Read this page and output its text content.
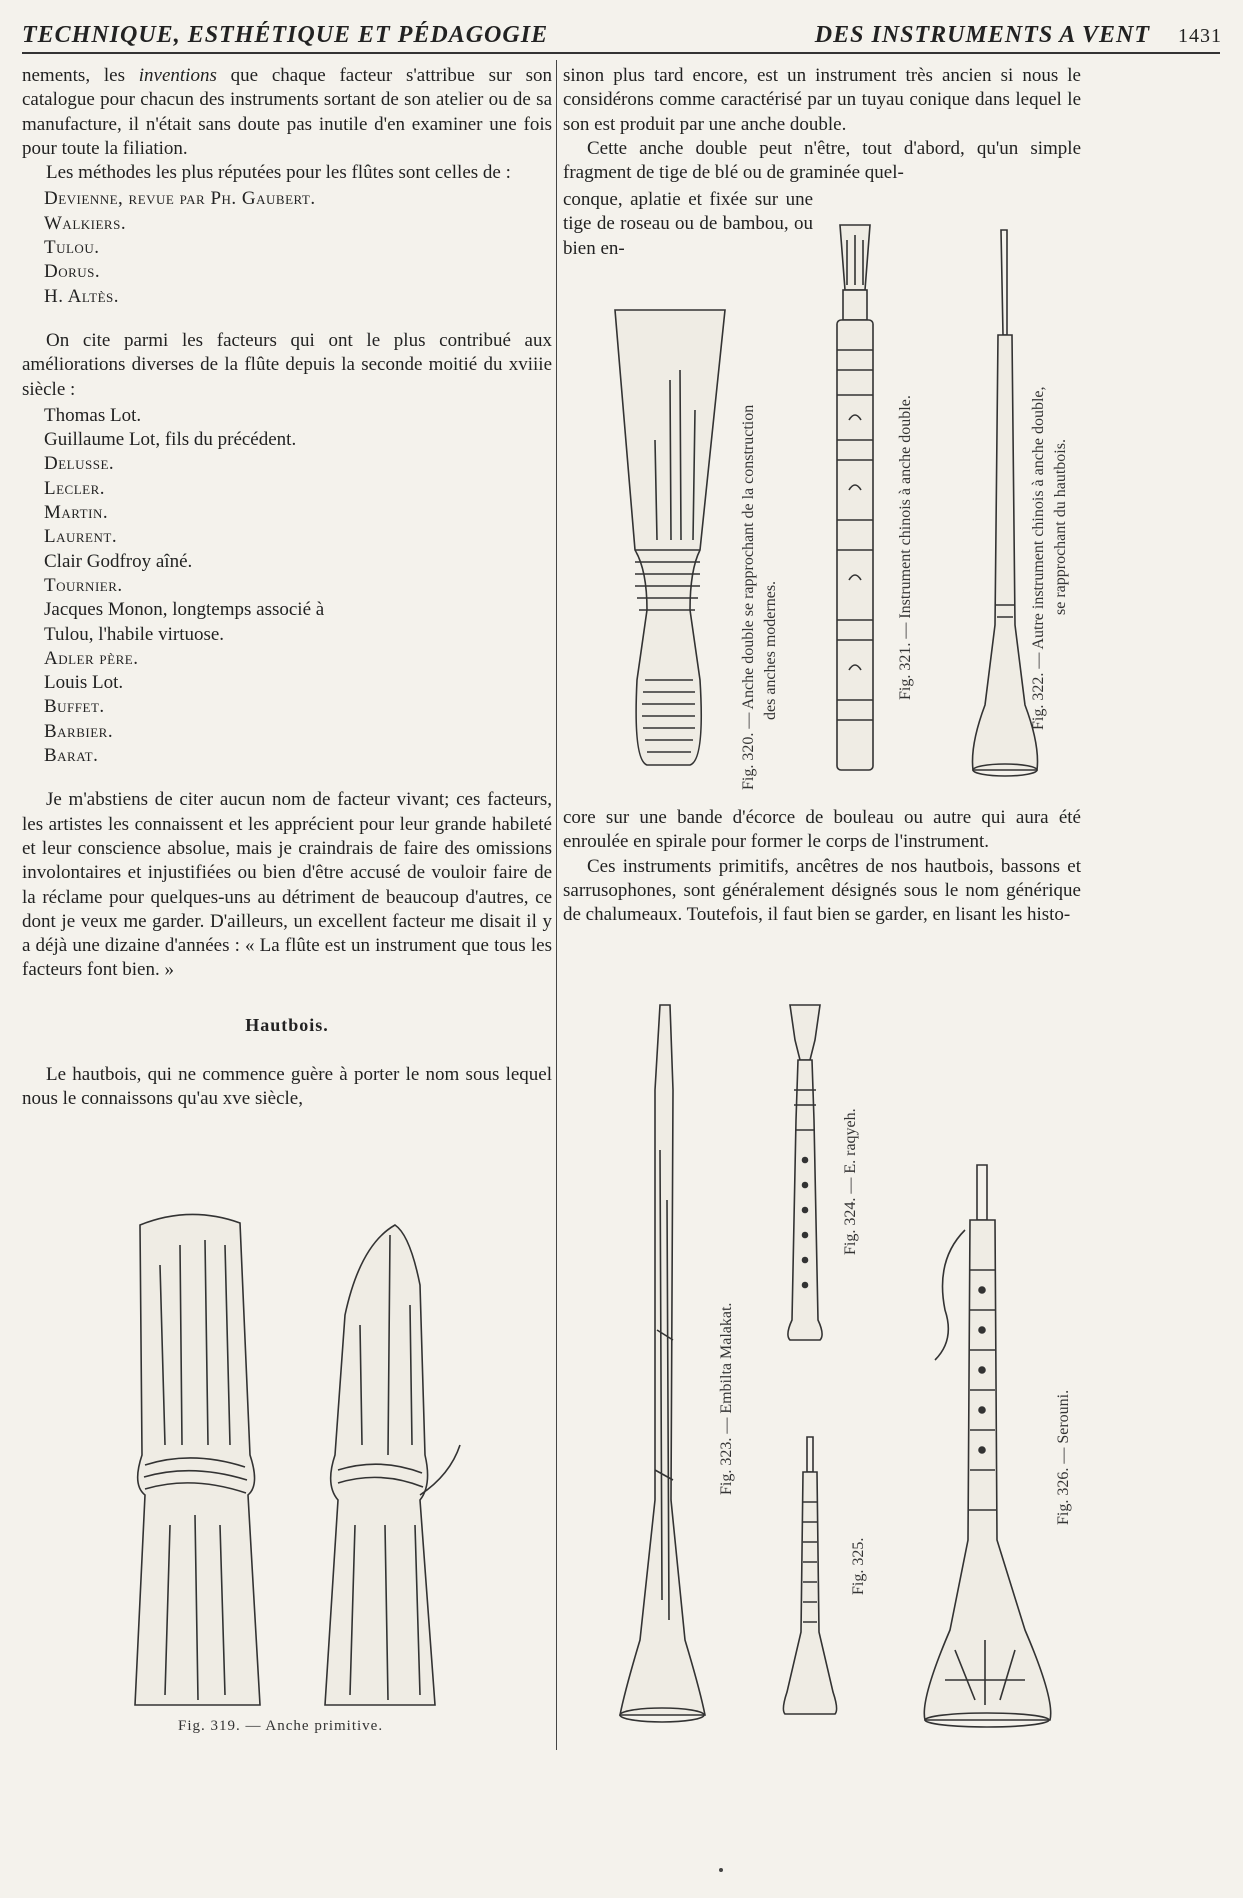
TECHNIQUE, ESTHÉTIQUE ET PÉDAGOGIE	DES INSTRUMENTS A VENT 1431

nements, les inventions que chaque facteur s'attribue sur son catalogue pour chacun des instruments sortant de son atelier ou de sa manufacture, il n'était sans doute pas inutile d'en examiner une fois pour toute la filiation.

Les méthodes les plus réputées pour les flûtes sont celles de :

Devienne, revue par Ph. Gaubert.
Walkiers.
Tulou.
Dorus.
H. Altès.

On cite parmi les facteurs qui ont le plus contribué aux améliorations diverses de la flûte depuis la seconde moitié du xviiie siècle :

Thomas Lot.
Guillaume Lot, fils du précédent.
Delusse.
Lecler.
Martin.
Laurent.
Clair Godfroy aîné.
Tournier.
Jacques Monon, longtemps associé à
Tulou, l'habile virtuose.
Adler père.
Louis Lot.
Buffet.
Barbier.
Barat.

Je m'abstiens de citer aucun nom de facteur vivant; ces facteurs, les artistes les connaissent et les apprécient pour leur grande habileté et leur conscience absolue, mais je craindrais de faire des omissions involontaires et injustifiées ou bien d'être accusé de vouloir faire de la réclame pour quelques-uns au détriment de beaucoup d'autres, ce dont je veux me garder. D'ailleurs, un excellent facteur me disait il y a déjà une dizaine d'années : « La flûte est un instrument que tous les facteurs font bien. »

Hautbois.

Le hautbois, qui ne commence guère à porter le nom sous lequel nous le connaissons qu'au xve siècle,

Fig. 319. — Anche primitive.

sinon plus tard encore, est un instrument très ancien si nous le considérons comme caractérisé par un tuyau conique dans lequel le son est produit par une anche double.

Cette anche double peut n'être, tout d'abord, qu'un simple fragment de tige de blé ou de graminée quel-

conque, aplatie et fixée sur une tige de roseau ou de bambou, ou bien en-

Fig. 320. — Anche double se rapprochant de la construction des anches modernes.	Fig. 321. — Instrument chinois à anche double.	Fig. 322. — Autre instrument chinois à anche double, se rapprochant du hautbois.

core sur une bande d'écorce de bouleau ou autre qui aura été enroulée en spirale pour former le corps de l'instrument.

Ces instruments primitifs, ancêtres de nos hautbois, bassons et sarrusophones, sont généralement désignés sous le nom générique de chalumeaux. Toutefois, il faut bien se garder, en lisant les histo-

Fig. 323. — Embilta Malakat.
Fig. 324. — E. raqyeh.
Fig. 325.
Fig. 326. — Serouni.
